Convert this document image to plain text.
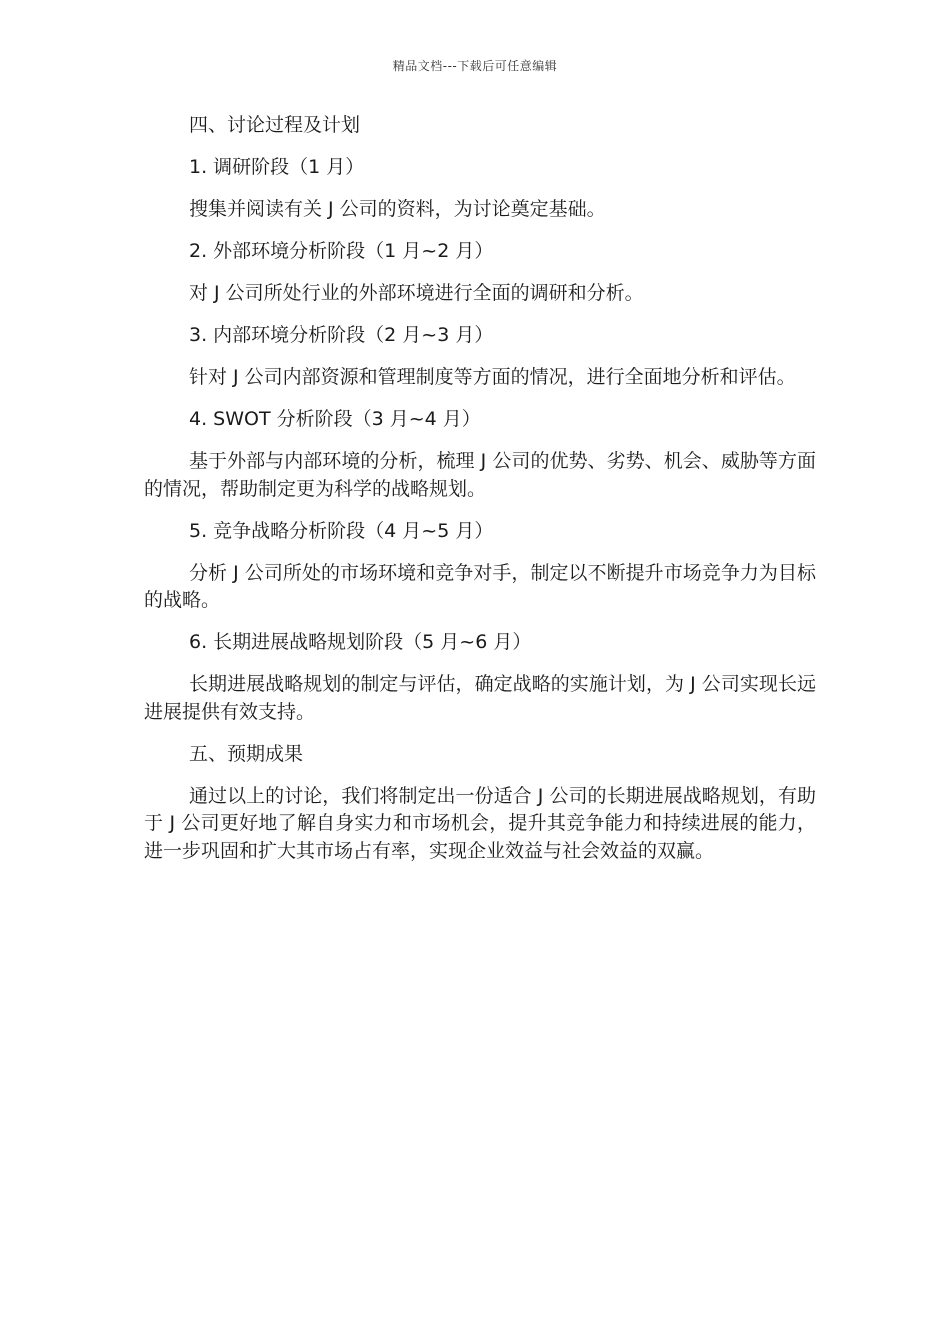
精品文档---下载后可任意编辑

四、讨论过程及计划

1. 调研阶段（1 月）

搜集并阅读有关 J 公司的资料，为讨论奠定基础。

2. 外部环境分析阶段（1 月~2 月）

对 J 公司所处行业的外部环境进行全面的调研和分析。

3. 内部环境分析阶段（2 月~3 月）

针对 J 公司内部资源和管理制度等方面的情况，进行全面地分析和评估。

4. SWOT 分析阶段（3 月~4 月）

基于外部与内部环境的分析，梳理 J 公司的优势、劣势、机会、威胁等方面的情况，帮助制定更为科学的战略规划。

5. 竞争战略分析阶段（4 月~5 月）

分析 J 公司所处的市场环境和竞争对手，制定以不断提升市场竞争力为目标的战略。

6. 长期进展战略规划阶段（5 月~6 月）

长期进展战略规划的制定与评估，确定战略的实施计划，为 J 公司实现长远进展提供有效支持。

五、预期成果

通过以上的讨论，我们将制定出一份适合 J 公司的长期进展战略规划，有助于 J 公司更好地了解自身实力和市场机会，提升其竞争能力和持续进展的能力，进一步巩固和扩大其市场占有率，实现企业效益与社会效益的双赢。
